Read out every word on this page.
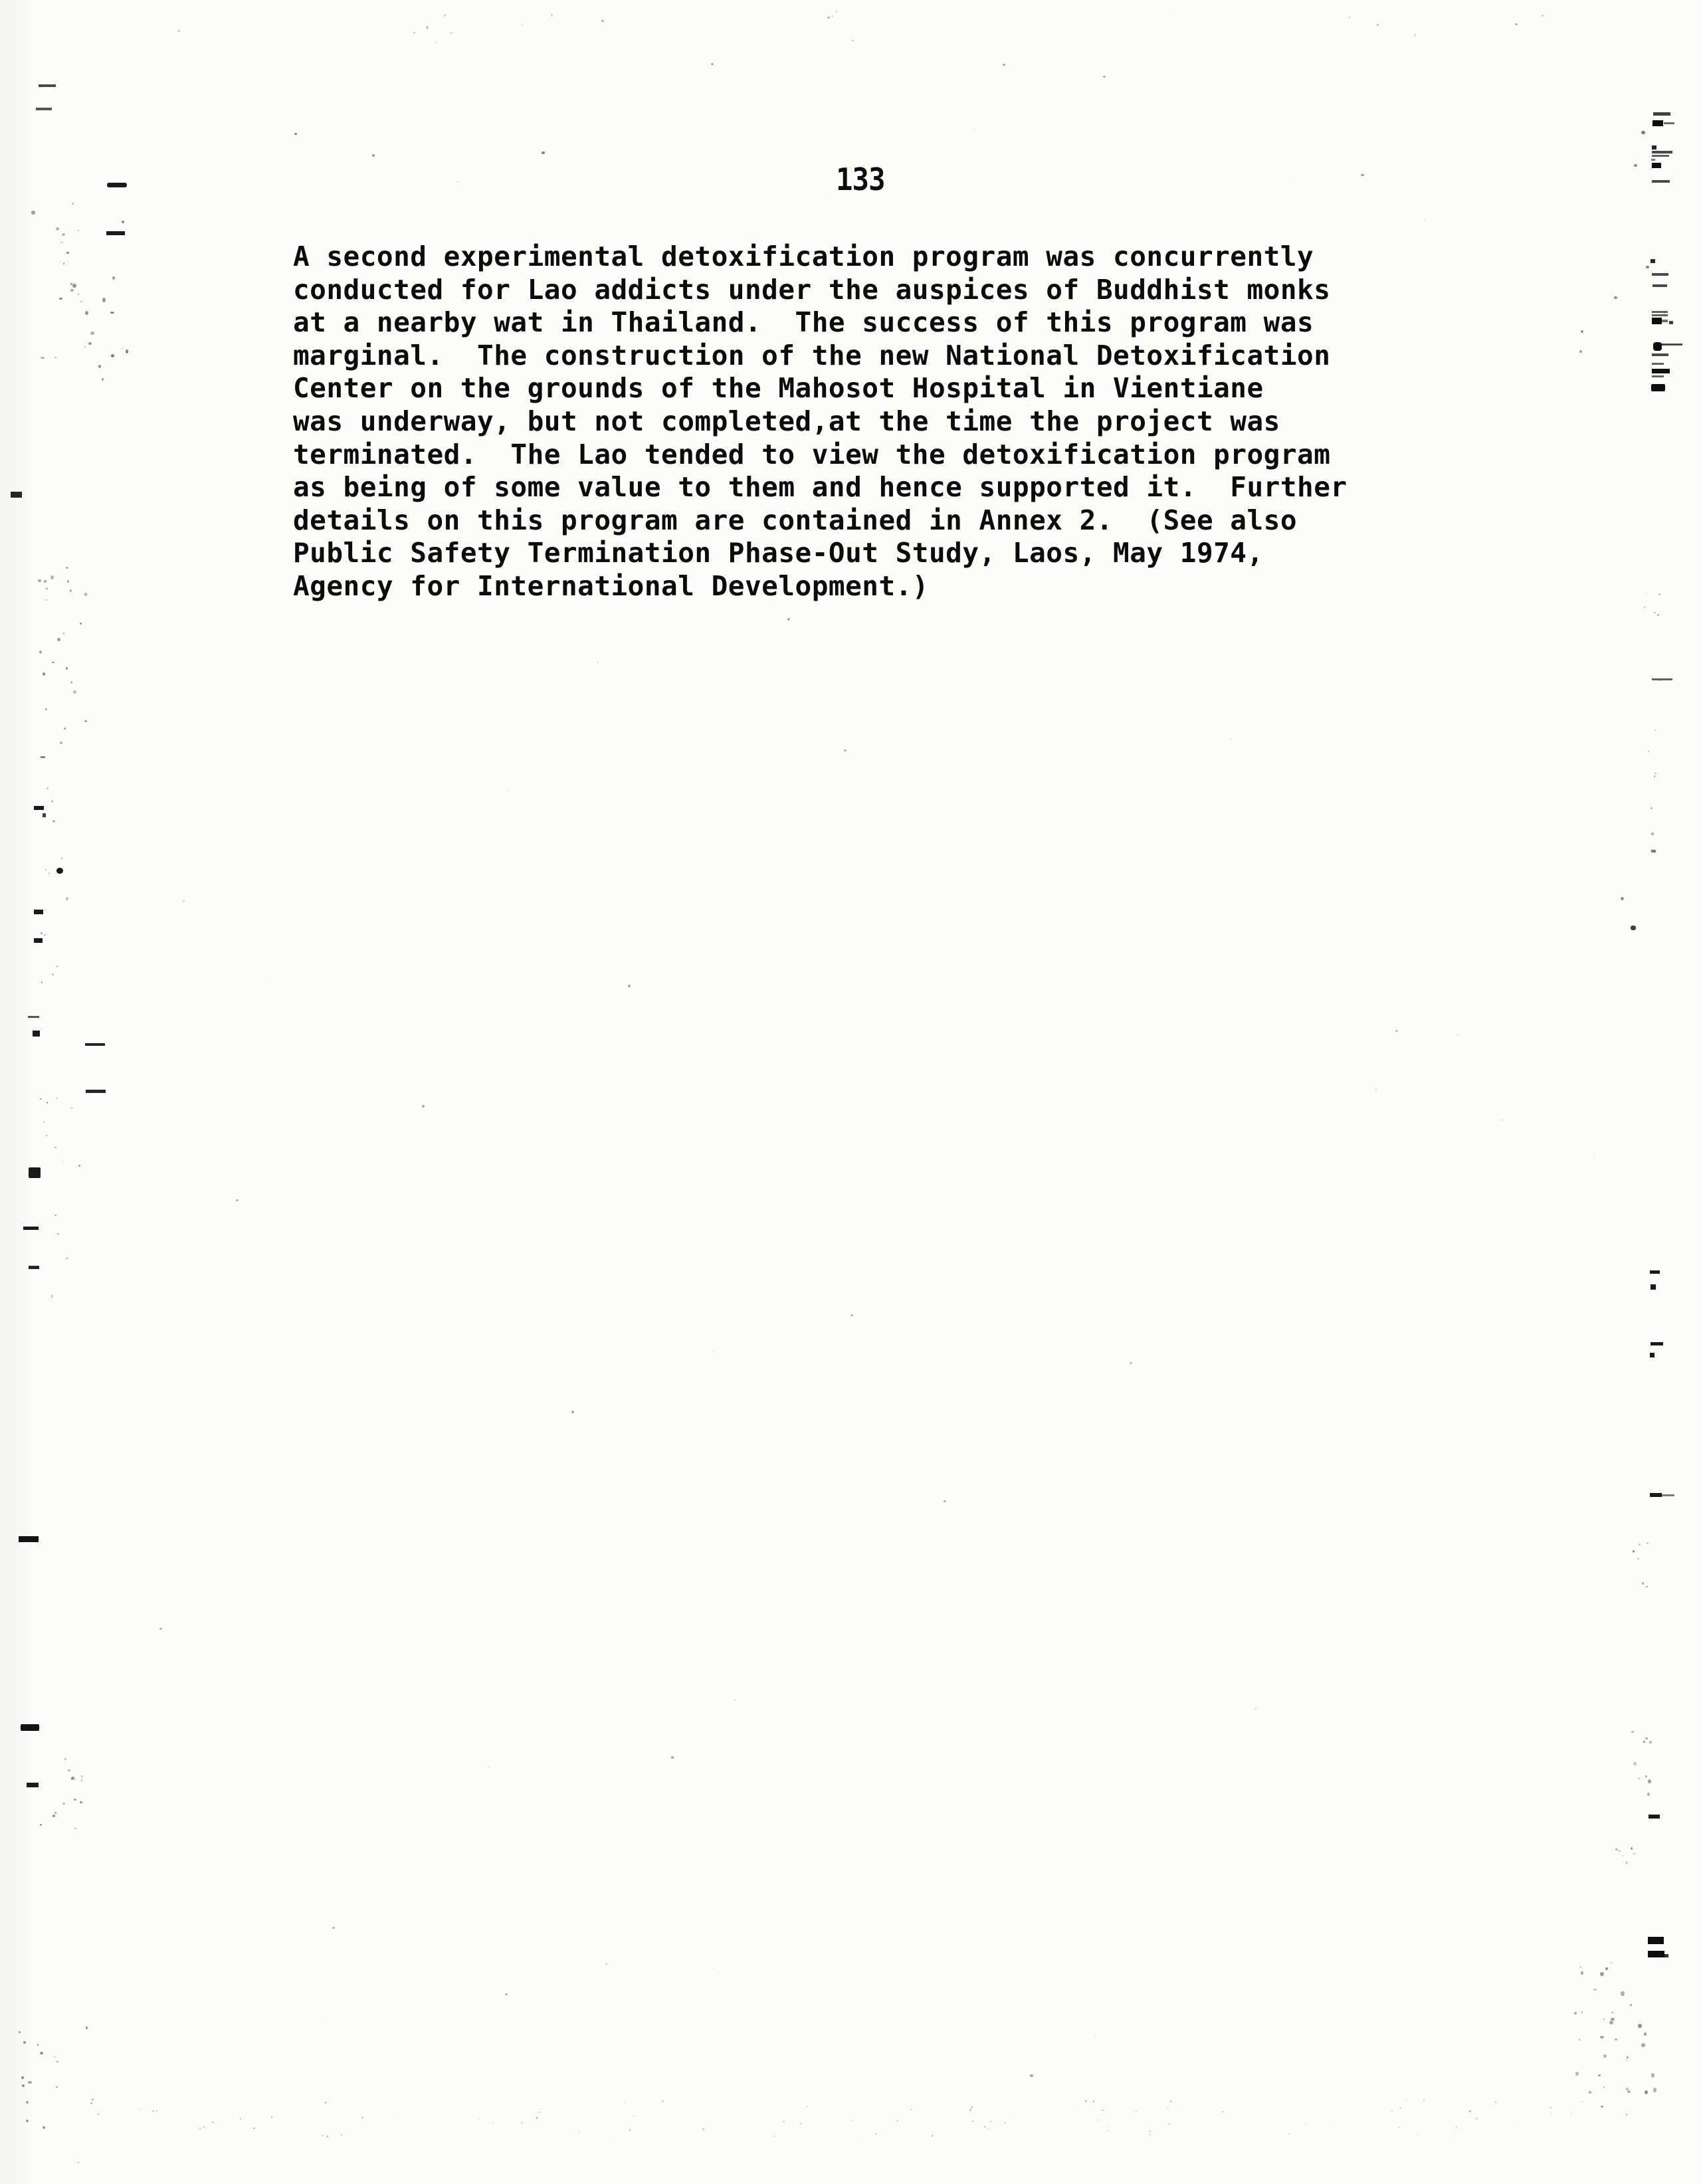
133
A second experimental detoxification program was concurrently
conducted for Lao addicts under the auspices of Buddhist monks
at a nearby wat in Thailand.  The success of this program was
marginal.  The construction of the new National Detoxification
Center on the grounds of the Mahosot Hospital in Vientiane
was underway, but not completed,at the time the project was
terminated.  The Lao tended to view the detoxification program
as being of some value to them and hence supported it.  Further
details on this program are contained in Annex 2.  (See also
Public Safety Termination Phase-Out Study, Laos, May 1974,
Agency for International Development.)
